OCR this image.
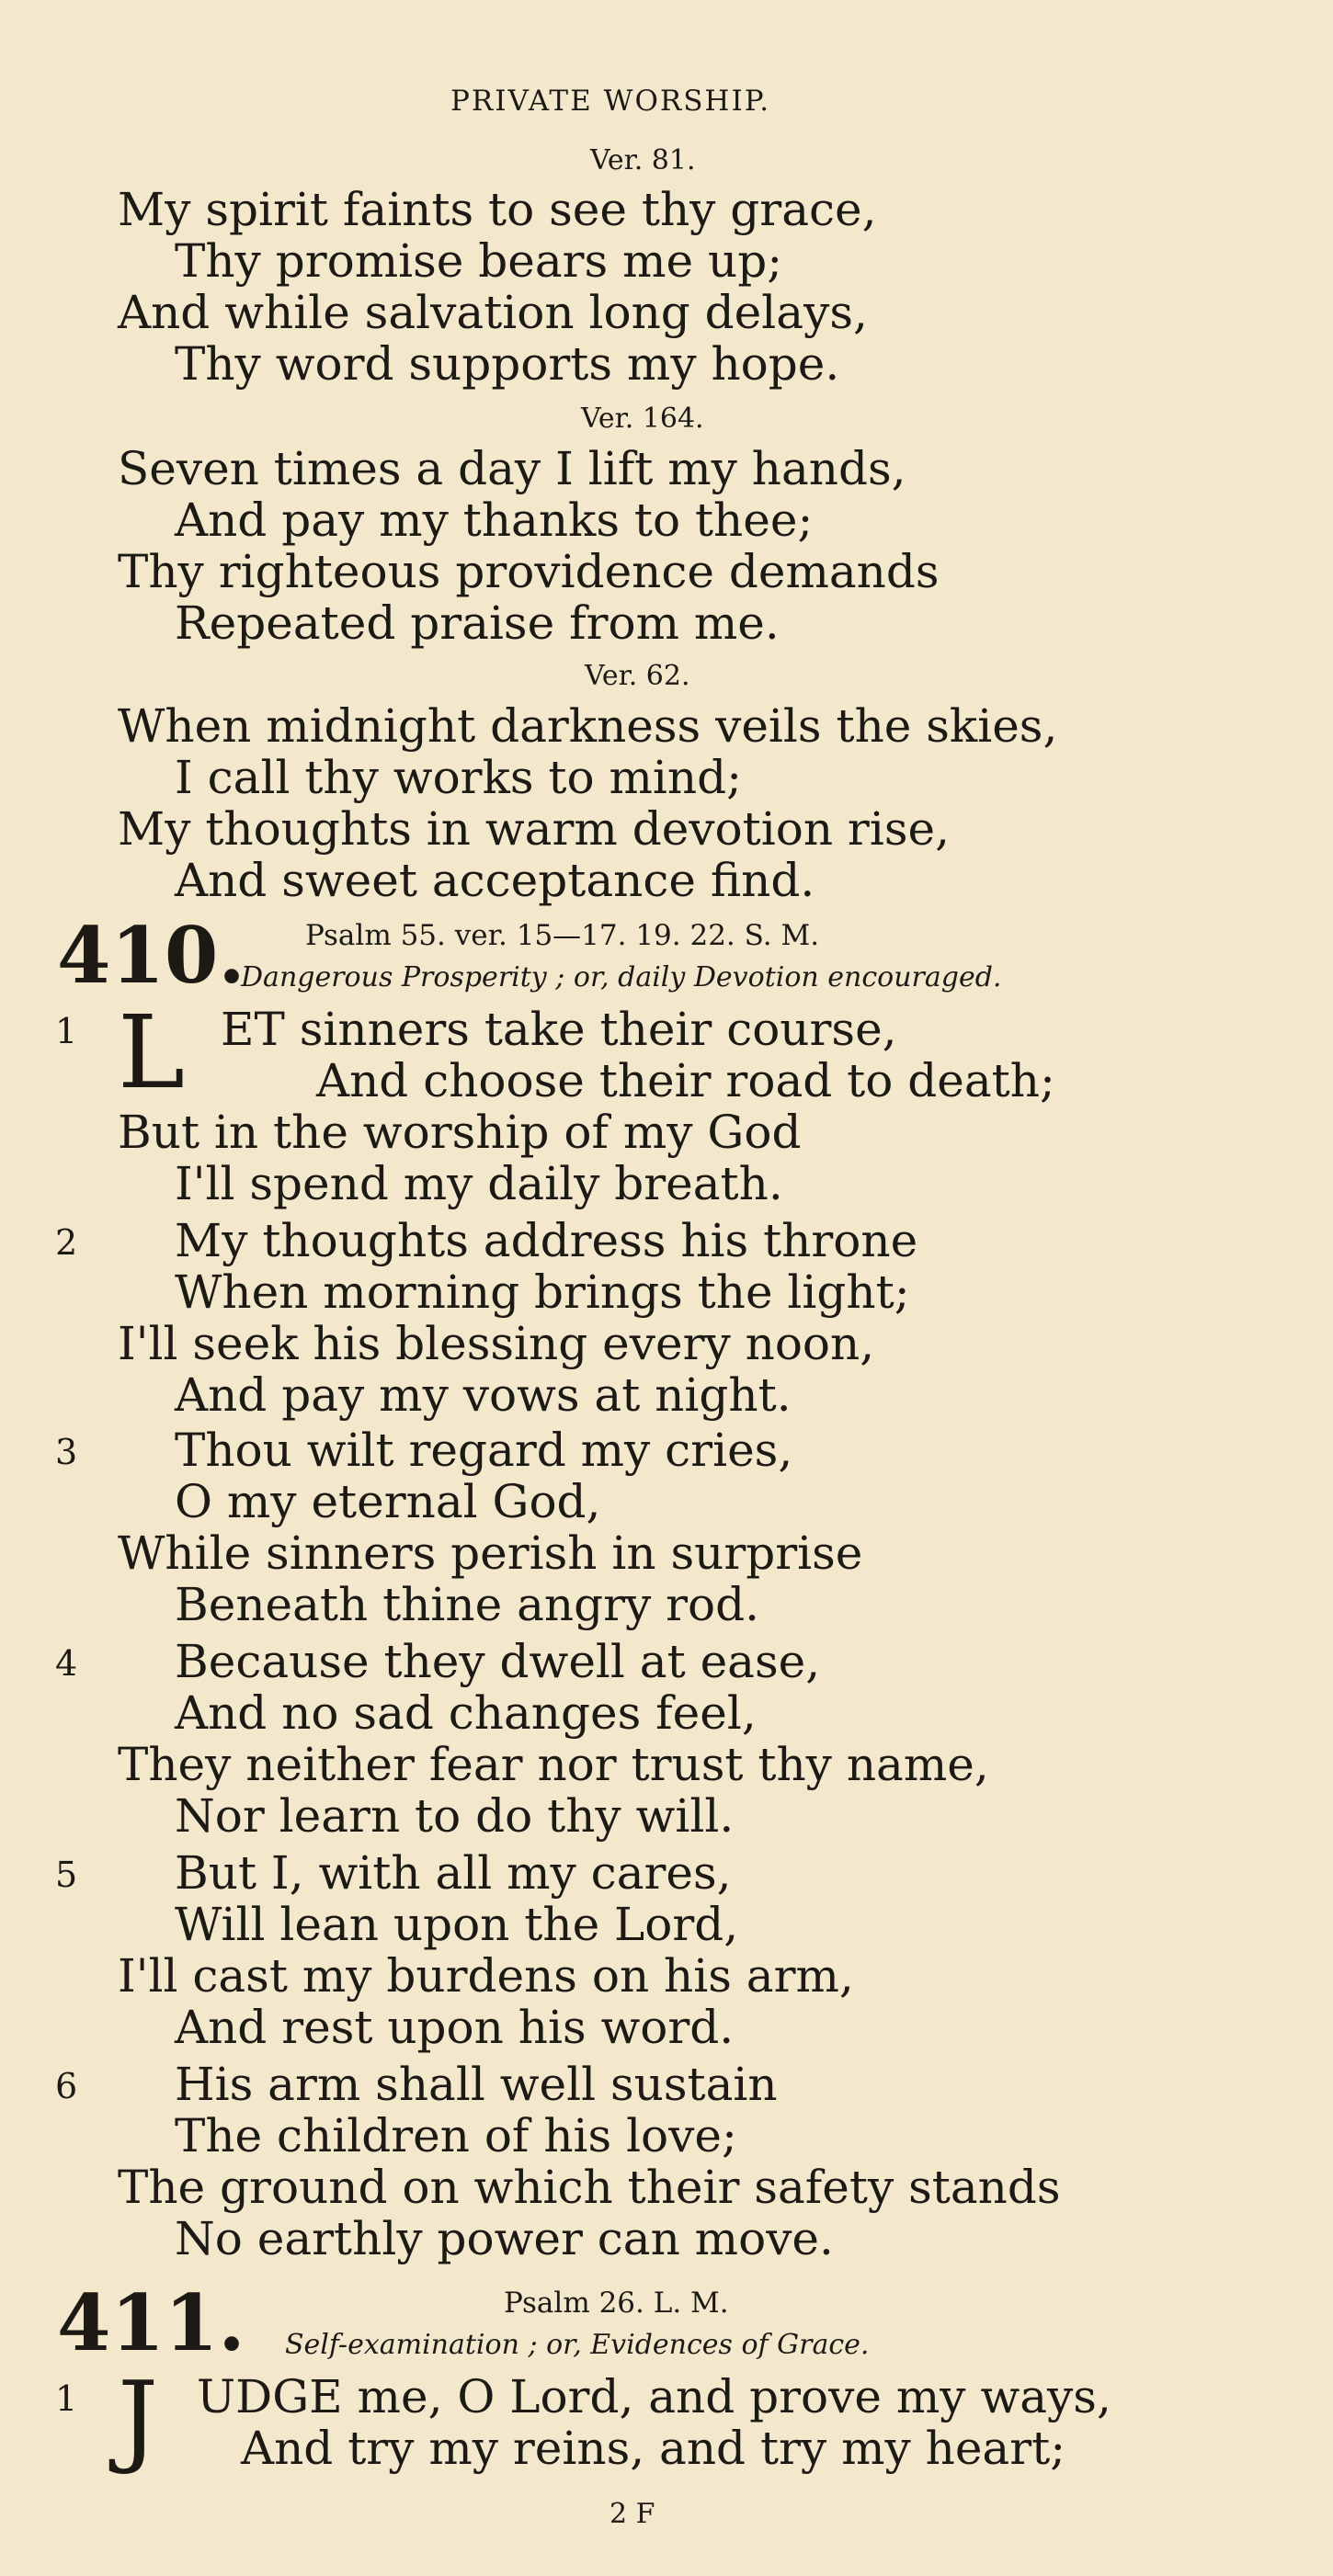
PRIVATE WORSHIP.
Ver. 81.
My spirit faints to see thy grace,
Thy promise bears me up;
And while salvation long delays,
Thy word supports my hope.
Ver. 164.
Seven times a day I lift my hands,
And pay my thanks to thee;
Thy righteous providence demands
Repeated praise from me.
Ver. 62.
When midnight darkness veils the skies,
I call thy works to mind;
My thoughts in warm devotion rise,
And sweet acceptance find.
410. Psalm 55. ver. 15—17. 19. 22. S. M.
Dangerous Prosperity ; or, daily Devotion encouraged.
1 L ET sinners take their course,
And choose their road to death;
But in the worship of my God
I'll spend my daily breath.
2 My thoughts address his throne
When morning brings the light;
I'll seek his blessing every noon,
And pay my vows at night.
3 Thou wilt regard my cries,
O my eternal God,
While sinners perish in surprise
Beneath thine angry rod.
4 Because they dwell at ease,
And no sad changes feel,
They neither fear nor trust thy name,
Nor learn to do thy will.
5 But I, with all my cares,
Will lean upon the Lord,
I'll cast my burdens on his arm,
And rest upon his word.
6 His arm shall well sustain
The children of his love;
The ground on which their safety stands
No earthly power can move.
411.	Psalm 26. L. M.
Self-examination ; or, Evidences of Grace.
1 J UDGE me, O Lord, and prove my ways,
And try my reins, and try my heart;
2 F
